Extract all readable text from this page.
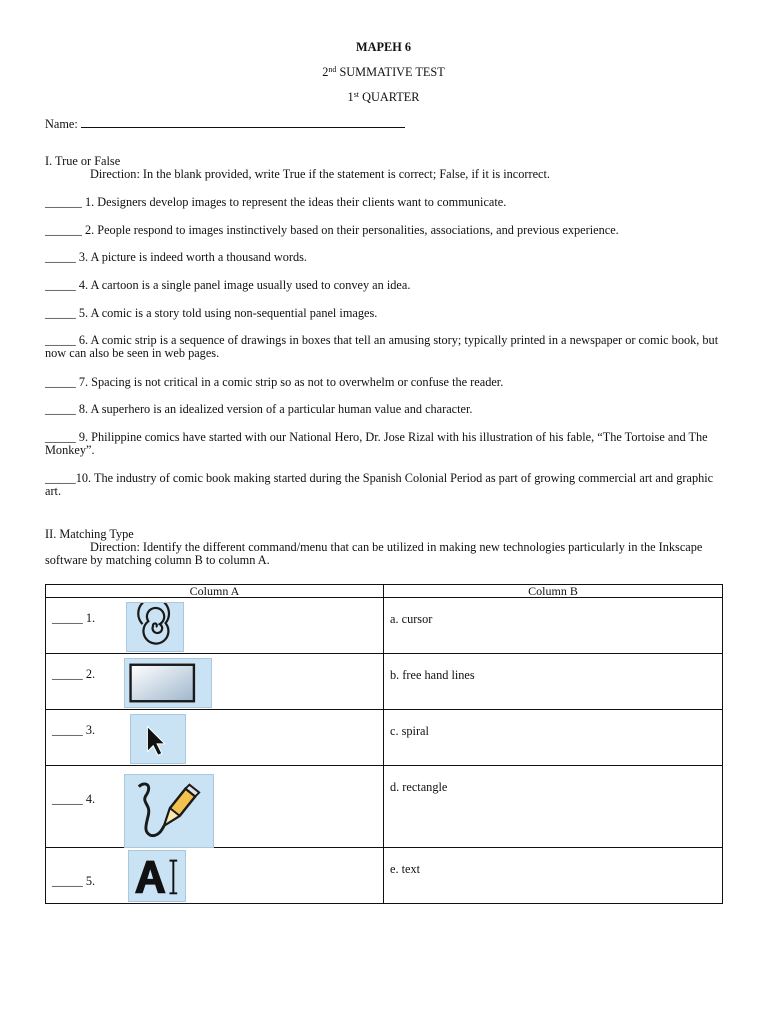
MAPEH 6
2nd SUMMATIVE TEST
1st QUARTER
Name:
I. True or False
Direction: In the blank provided, write True if the statement is correct; False, if it is incorrect.
______ 1. Designers develop images to represent the ideas their clients want to communicate.
______ 2. People respond to images instinctively based on their personalities, associations, and previous experience.
_____ 3. A picture is indeed worth a thousand words.
_____ 4. A cartoon is a single panel image usually used to convey an idea.
_____ 5. A comic is a story told using non-sequential panel images.
_____ 6. A comic strip is a sequence of drawings in boxes that tell an amusing story; typically printed in a newspaper or comic book, but now can also be seen in web pages.
_____ 7. Spacing is not critical in a comic strip so as not to overwhelm or confuse the reader.
_____ 8. A superhero is an idealized version of a particular human value and character.
_____ 9. Philippine comics have started with our National Hero, Dr. Jose Rizal with his illustration of his fable, “The Tortoise and The Monkey”.
_____10. The industry of comic book making started during the Spanish Colonial Period as part of growing commercial art and graphic art.
II. Matching Type
Direction: Identify the different command/menu that can be utilized in making new technologies particularly in the Inkscape software by matching column B to column A.
Column A	Column B

_____ 1.	a. cursor

_____ 2.	b. free hand lines

_____ 3.	c. spiral

_____ 4.	d. rectangle

_____ 5.	e. text
